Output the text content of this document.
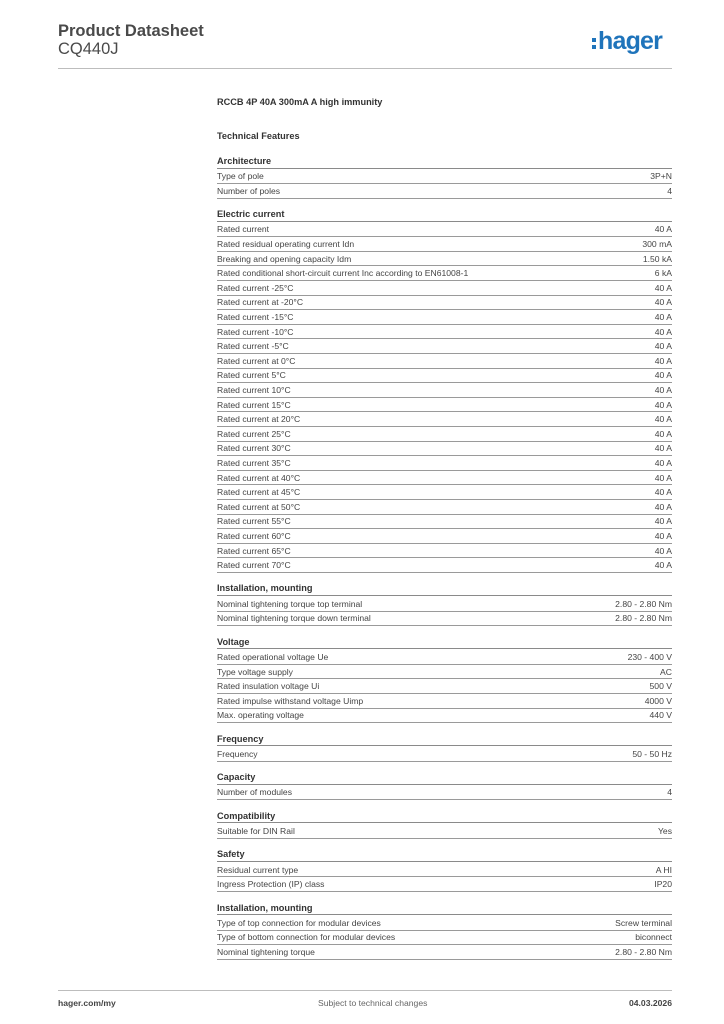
Product Datasheet
CQ440J	hager
RCCB 4P 40A 300mA A high immunity
Technical Features
Architecture
Type of pole	3P+N
Number of poles	4
Electric current
Rated current	40 A
Rated residual operating current Idn	300 mA
Breaking and opening capacity Idm	1.50 kA
Rated conditional short-circuit current Inc according to EN61008-1	6 kA
Rated current -25°C	40 A
Rated current at -20°C	40 A
Rated current -15°C	40 A
Rated current -10°C	40 A
Rated current -5°C	40 A
Rated current at 0°C	40 A
Rated current 5°C	40 A
Rated current 10°C	40 A
Rated current 15°C	40 A
Rated current at 20°C	40 A
Rated current 25°C	40 A
Rated current 30°C	40 A
Rated current 35°C	40 A
Rated current at 40°C	40 A
Rated current at 45°C	40 A
Rated current at 50°C	40 A
Rated current 55°C	40 A
Rated current 60°C	40 A
Rated current 65°C	40 A
Rated current 70°C	40 A
Installation, mounting
Nominal tightening torque top terminal	2.80 - 2.80 Nm
Nominal tightening torque down terminal	2.80 - 2.80 Nm
Voltage
Rated operational voltage Ue	230 - 400 V
Type voltage supply	AC
Rated insulation voltage Ui	500 V
Rated impulse withstand voltage Uimp	4000 V
Max. operating voltage	440 V
Frequency
Frequency	50 - 50 Hz
Capacity
Number of modules	4
Compatibility
Suitable for DIN Rail	Yes
Safety
Residual current type	A HI
Ingress Protection (IP) class	IP20
Installation, mounting
Type of top connection for modular devices	Screw terminal
Type of bottom connection for modular devices	biconnect
Nominal tightening torque	2.80 - 2.80 Nm
hager.com/my	Subject to technical changes	04.03.2026
